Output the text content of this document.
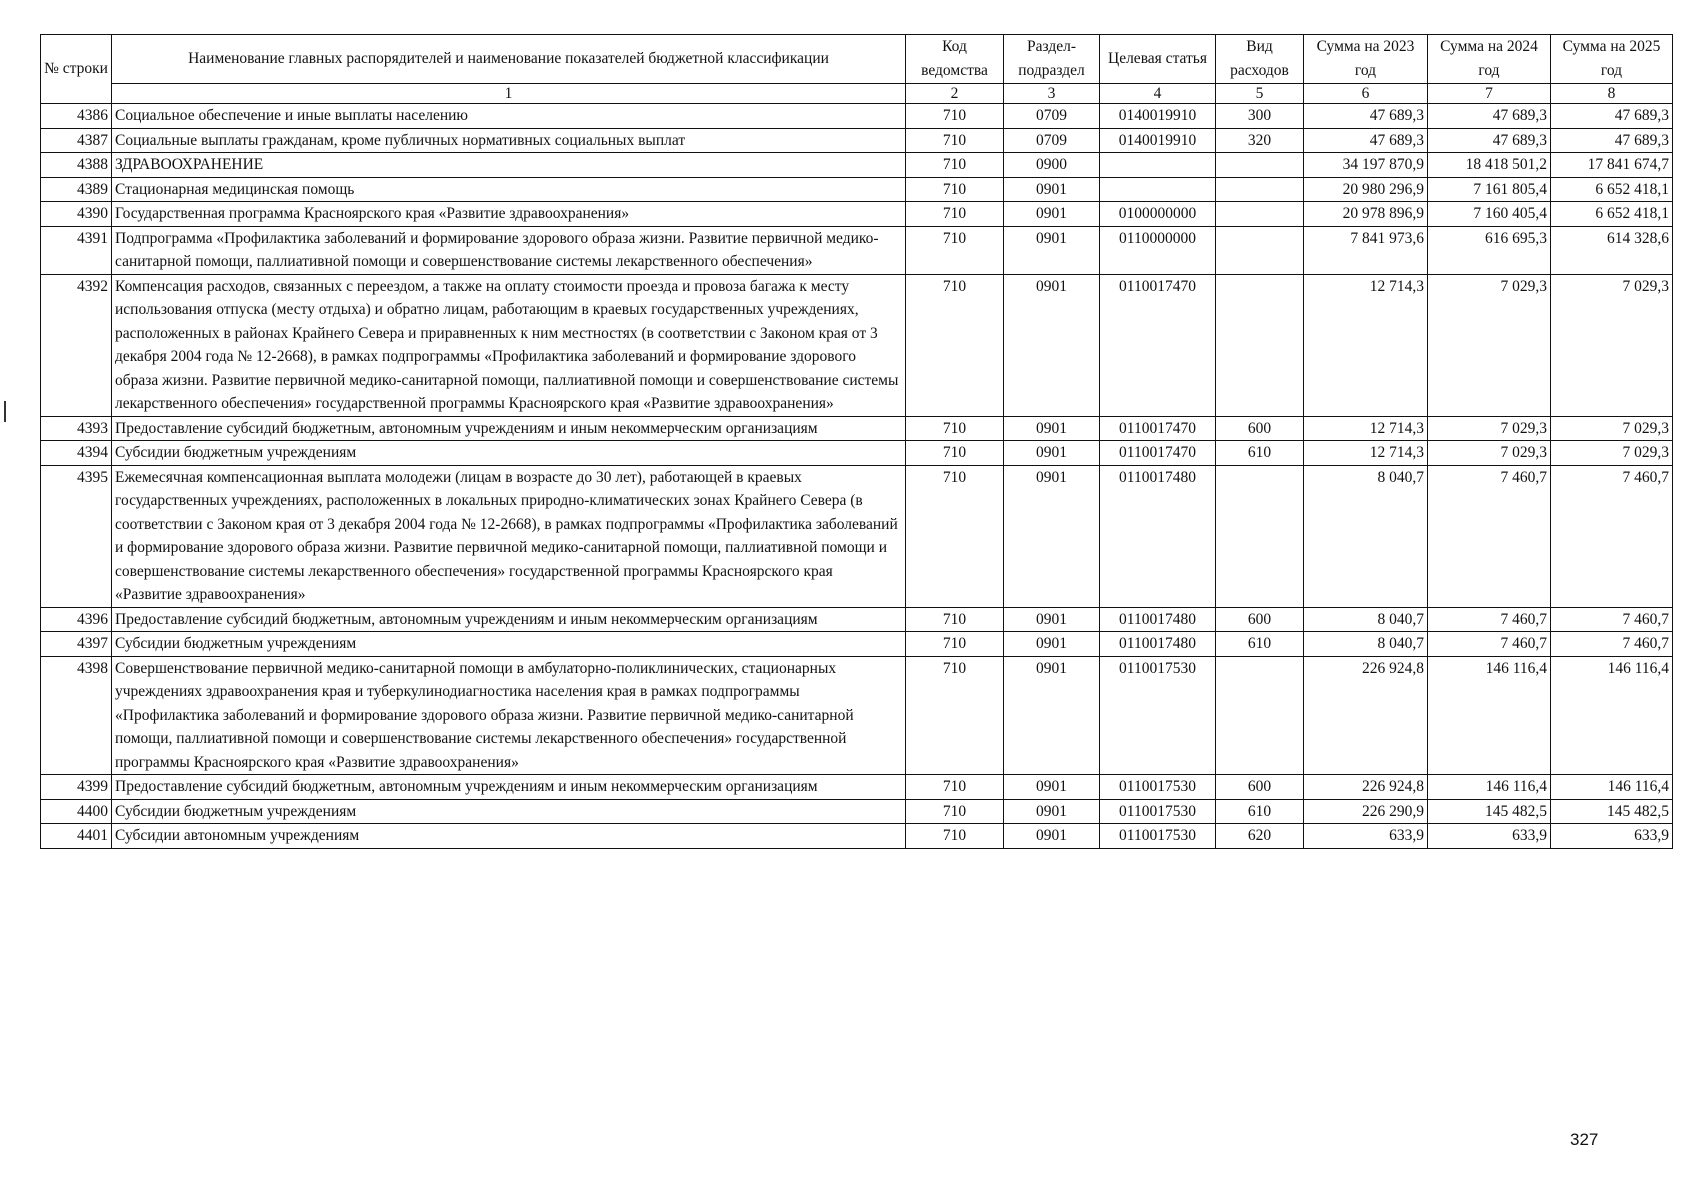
№ строки	Наименование главных распорядителей и наименование показателей бюджетной классификации	Код ведомства	Раздел-подраздел	Целевая статья	Вид расходов	Сумма на 2023 год	Сумма на 2024 год	Сумма на 2025 год
	1	2	3	4	5	6	7	8
4386	Социальное обеспечение и иные выплаты населению	710	0709	0140019910	300	47 689,3	47 689,3	47 689,3
4387	Социальные выплаты гражданам, кроме публичных нормативных социальных выплат	710	0709	0140019910	320	47 689,3	47 689,3	47 689,3
4388	ЗДРАВООХРАНЕНИЕ	710	0900			34 197 870,9	18 418 501,2	17 841 674,7
4389	Стационарная медицинская помощь	710	0901			20 980 296,9	7 161 805,4	6 652 418,1
4390	Государственная программа Красноярского края «Развитие здравоохранения»	710	0901	0100000000		20 978 896,9	7 160 405,4	6 652 418,1
4391	Подпрограмма «Профилактика заболеваний и формирование здорового образа жизни. Развитие первичной медико-санитарной помощи, паллиативной помощи и совершенствование системы лекарственного обеспечения»	710	0901	0110000000		7 841 973,6	616 695,3	614 328,6
4392	Компенсация расходов, связанных с переездом, а также на оплату стоимости проезда и провоза багажа к месту использования отпуска (месту отдыха) и обратно лицам, работающим в краевых государственных учреждениях, расположенных в районах Крайнего Севера и приравненных к ним местностях (в соответствии с Законом края от 3 декабря 2004 года № 12-2668), в рамках подпрограммы «Профилактика заболеваний и формирование здорового образа жизни. Развитие первичной медико-санитарной помощи, паллиативной помощи и совершенствование системы лекарственного обеспечения» государственной программы Красноярского края «Развитие здравоохранения»	710	0901	0110017470		12 714,3	7 029,3	7 029,3
4393	Предоставление субсидий бюджетным, автономным учреждениям и иным некоммерческим организациям	710	0901	0110017470	600	12 714,3	7 029,3	7 029,3
4394	Субсидии бюджетным учреждениям	710	0901	0110017470	610	12 714,3	7 029,3	7 029,3
4395	Ежемесячная компенсационная выплата молодежи (лицам в возрасте до 30 лет), работающей в краевых государственных учреждениях, расположенных в локальных природно-климатических зонах Крайнего Севера (в соответствии с Законом края от 3 декабря 2004 года № 12-2668), в рамках подпрограммы «Профилактика заболеваний и формирование здорового образа жизни. Развитие первичной медико-санитарной помощи, паллиативной помощи и совершенствование системы лекарственного обеспечения» государственной программы Красноярского края «Развитие здравоохранения»	710	0901	0110017480		8 040,7	7 460,7	7 460,7
4396	Предоставление субсидий бюджетным, автономным учреждениям и иным некоммерческим организациям	710	0901	0110017480	600	8 040,7	7 460,7	7 460,7
4397	Субсидии бюджетным учреждениям	710	0901	0110017480	610	8 040,7	7 460,7	7 460,7
4398	Совершенствование первичной медико-санитарной помощи в амбулаторно-поликлинических, стационарных учреждениях здравоохранения края и туберкулинодиагностика населения края в рамках подпрограммы «Профилактика заболеваний и формирование здорового образа жизни. Развитие первичной медико-санитарной помощи, паллиативной помощи и совершенствование системы лекарственного обеспечения» государственной программы Красноярского края «Развитие здравоохранения»	710	0901	0110017530		226 924,8	146 116,4	146 116,4
4399	Предоставление субсидий бюджетным, автономным учреждениям и иным некоммерческим организациям	710	0901	0110017530	600	226 924,8	146 116,4	146 116,4
4400	Субсидии бюджетным учреждениям	710	0901	0110017530	610	226 290,9	145 482,5	145 482,5
4401	Субсидии автономным учреждениям	710	0901	0110017530	620	633,9	633,9	633,9
327
